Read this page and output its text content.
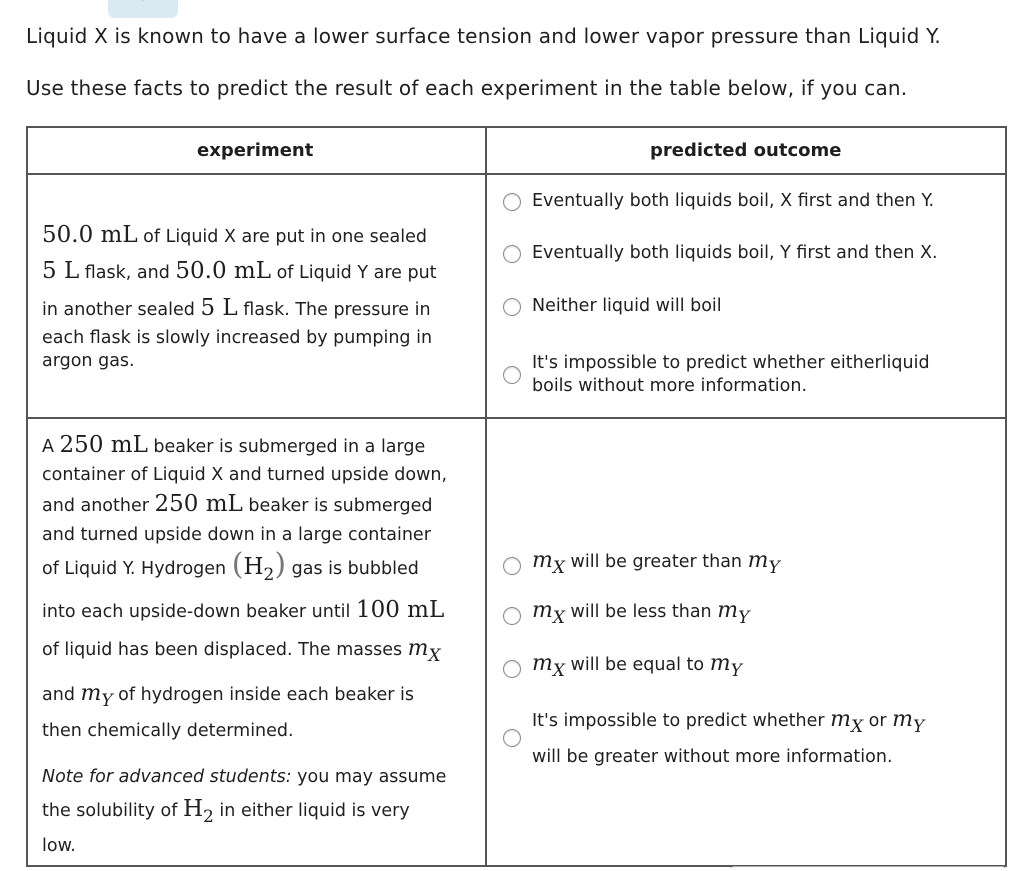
Liquid X is known to have a lower surface tension and lower vapor pressure than Liquid Y.
Use these facts to predict the result of each experiment in the table below, if you can.
experiment	predicted outcome
50.0 mL of Liquid X are put in one sealed
5 L flask, and 50.0 mL of Liquid Y are put
in another sealed 5 L flask. The pressure in
each flask is slowly increased by pumping in
argon gas.
Eventually both liquids boil, X first and then Y.
Eventually both liquids boil, Y first and then X.
Neither liquid will boil
It's impossible to predict whether eitherliquid
boils without more information.
A 250 mL beaker is submerged in a large
container of Liquid X and turned upside down,
and another 250 mL beaker is submerged
and turned upside down in a large container
of Liquid Y. Hydrogen (H2) gas is bubbled
into each upside-down beaker until 100 mL
of liquid has been displaced. The masses mX
and mY of hydrogen inside each beaker is
then chemically determined.
Note for advanced students: you may assume
the solubility of H2 in either liquid is very
low.
mX will be greater than mY
mX will be less than mY
mX will be equal to mY
It's impossible to predict whether mX or mY
will be greater without more information.
